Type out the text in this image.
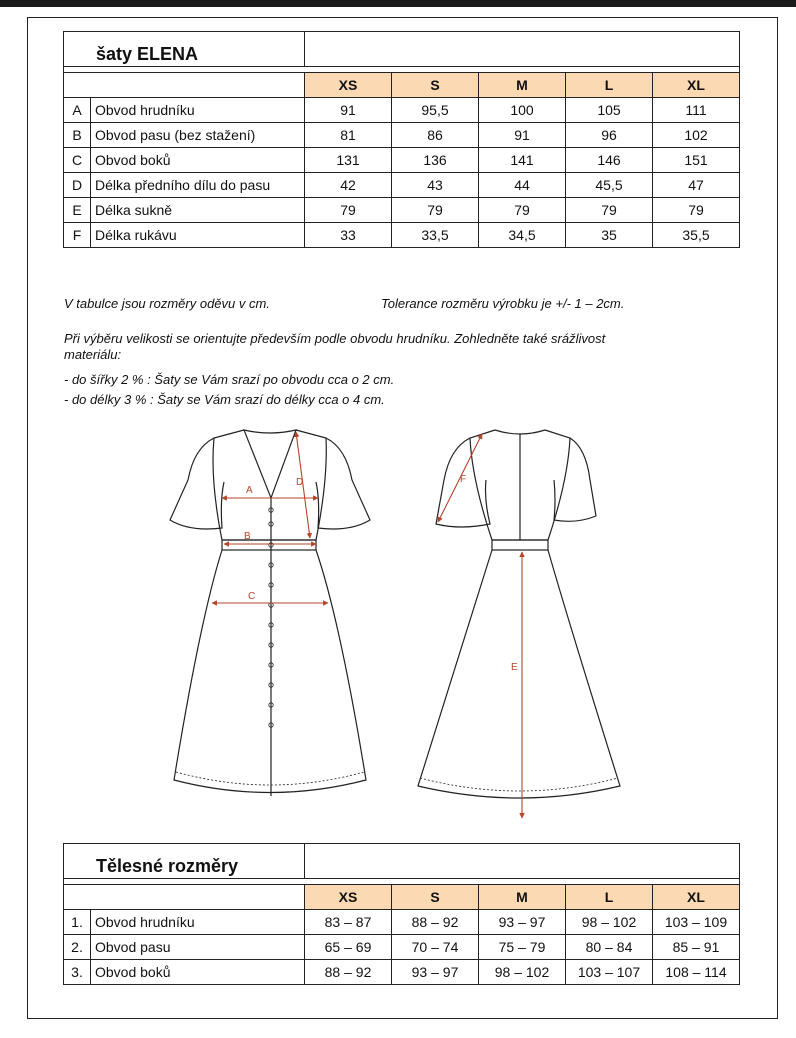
šaty ELENA						

		XS	S	M	L	XL
A	Obvod hrudníku	91	95,5	100	105	111
B	Obvod pasu (bez stažení)	81	86	91	96	102
C	Obvod boků	131	136	141	146	151
D	Délka předního dílu do pasu	42	43	44	45,5	47
E	Délka sukně	79	79	79	79	79
F	Délka rukávu	33	33,5	34,5	35	35,5
V tabulce jsou rozměry oděvu v cm.	Tolerance rozměru výrobku je +/- 1 – 2cm.
Při výběru velikosti se orientujte především podle obvodu hrudníku. Zohledněte také srážlivost
materiálu:
- do šířky 2 % : Šaty se Vám srazí po obvodu cca o 2 cm.
- do délky 3 % : Šaty se Vám srazí do délky cca o 4 cm.
A
B
C
D
E
F
Tělesné rozměry						

		XS	S	M	L	XL
1.	Obvod hrudníku	83 – 87	88 – 92	93 – 97	98 – 102	103 – 109
2.	Obvod pasu	65 – 69	70 – 74	75 – 79	80 – 84	85 – 91
3.	Obvod boků	88 – 92	93 – 97	98 – 102	103 – 107	108 – 114
